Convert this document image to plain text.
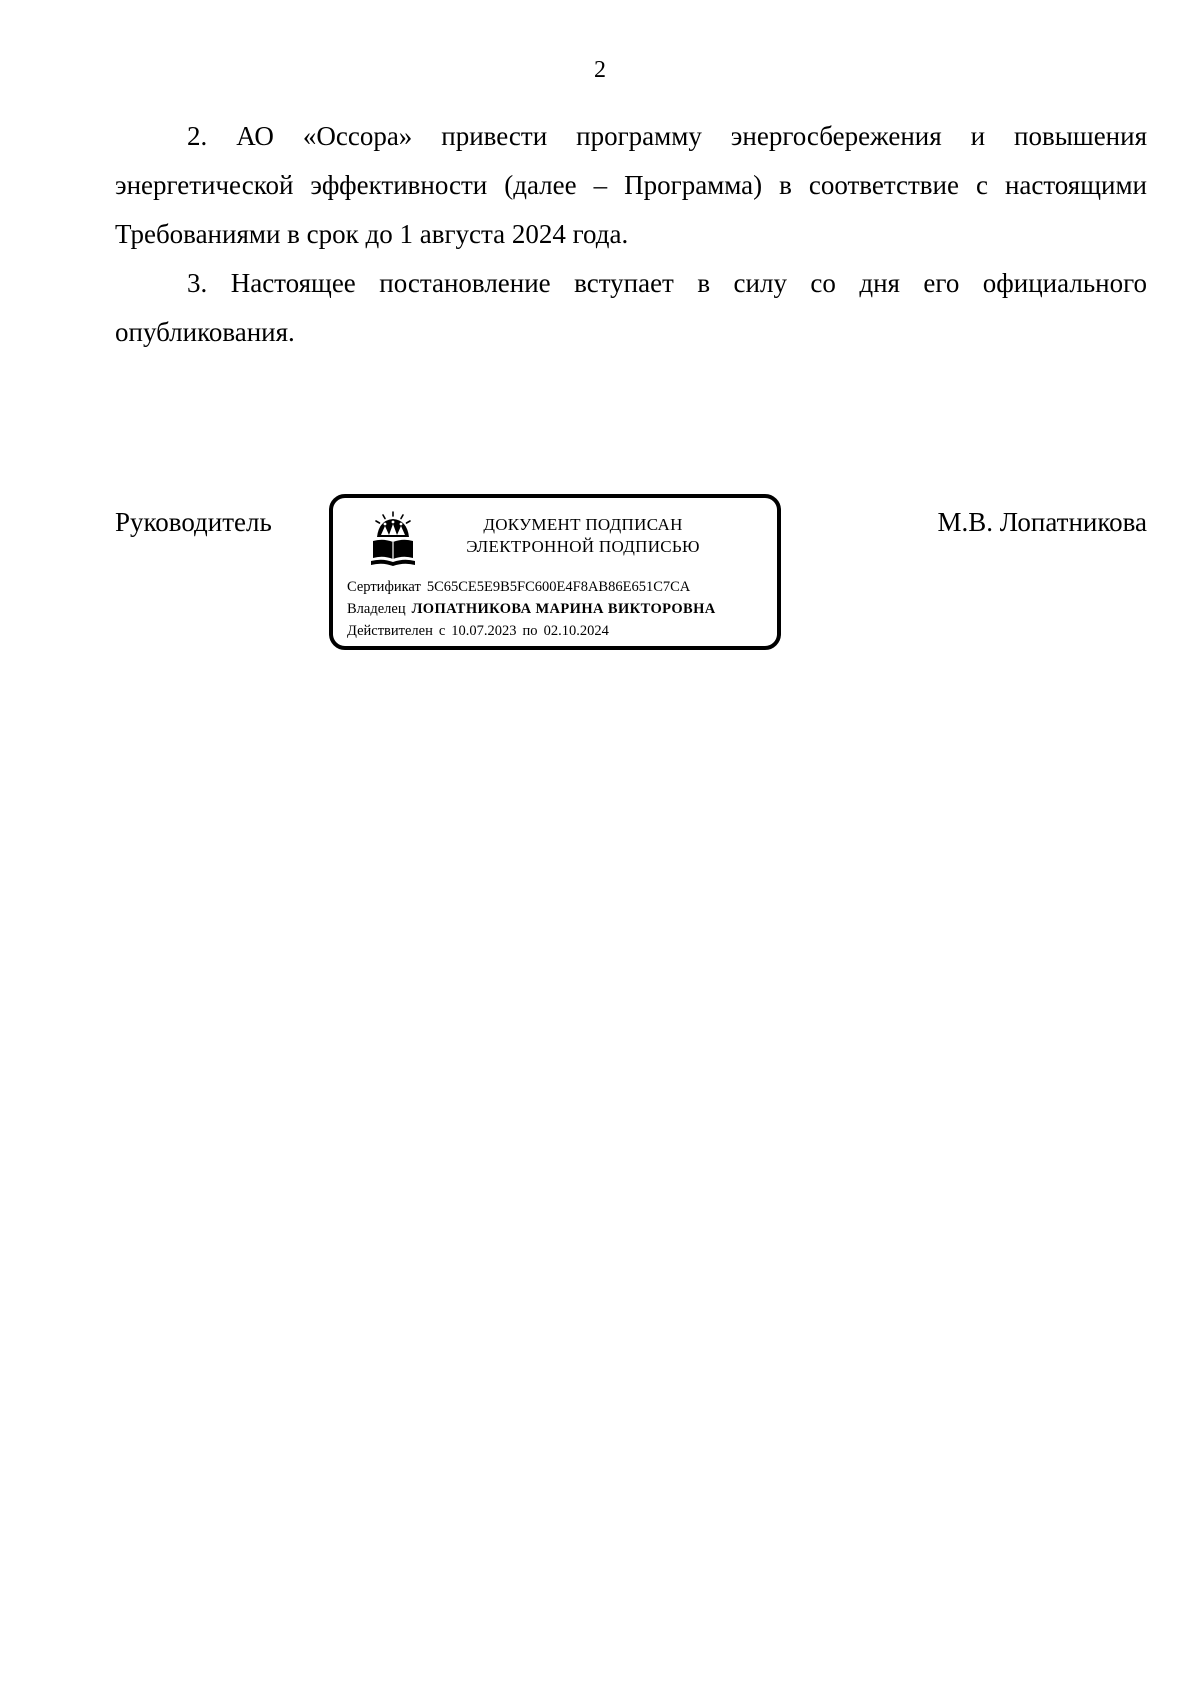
2

2. АО «Оссора» привести программу энергосбережения и повышения энергетической эффективности (далее – Программа) в соответствие с настоящими Требованиями в срок до 1 августа 2024 года.

3. Настоящее постановление вступает в силу со дня его официального опубликования.

Руководитель	ДОКУМЕНТ ПОДПИСАН
ЭЛЕКТРОННОЙ ПОДПИСЬЮ
Сертификат 5C65CE5E9B5FC600E4F8AB86E651C7CA
Владелец ЛОПАТНИКОВА МАРИНА ВИКТОРОВНА
Действителен с 10.07.2023 по 02.10.2024
М.В. Лопатникова
